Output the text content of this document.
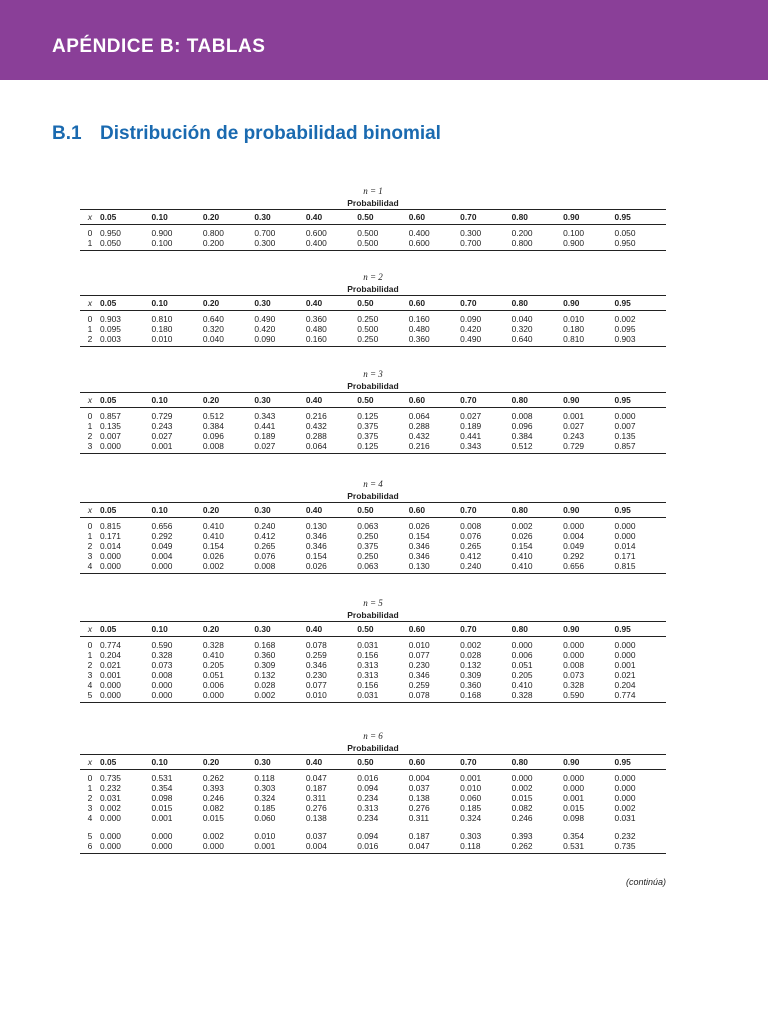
APÉNDICE B: TABLAS
B.1 Distribución de probabilidad binomial
n = 1
Probabilidad
x	0.05	0.10	0.20	0.30	0.40	0.50	0.60	0.70	0.80	0.90	0.95
0	0.950	0.900	0.800	0.700	0.600	0.500	0.400	0.300	0.200	0.100	0.050
1	0.050	0.100	0.200	0.300	0.400	0.500	0.600	0.700	0.800	0.900	0.950
n = 2
Probabilidad
x	0.05	0.10	0.20	0.30	0.40	0.50	0.60	0.70	0.80	0.90	0.95
0	0.903	0.810	0.640	0.490	0.360	0.250	0.160	0.090	0.040	0.010	0.002
1	0.095	0.180	0.320	0.420	0.480	0.500	0.480	0.420	0.320	0.180	0.095
2	0.003	0.010	0.040	0.090	0.160	0.250	0.360	0.490	0.640	0.810	0.903
n = 3
Probabilidad
x	0.05	0.10	0.20	0.30	0.40	0.50	0.60	0.70	0.80	0.90	0.95
0	0.857	0.729	0.512	0.343	0.216	0.125	0.064	0.027	0.008	0.001	0.000
1	0.135	0.243	0.384	0.441	0.432	0.375	0.288	0.189	0.096	0.027	0.007
2	0.007	0.027	0.096	0.189	0.288	0.375	0.432	0.441	0.384	0.243	0.135
3	0.000	0.001	0.008	0.027	0.064	0.125	0.216	0.343	0.512	0.729	0.857
n = 4
Probabilidad
x	0.05	0.10	0.20	0.30	0.40	0.50	0.60	0.70	0.80	0.90	0.95
0	0.815	0.656	0.410	0.240	0.130	0.063	0.026	0.008	0.002	0.000	0.000
1	0.171	0.292	0.410	0.412	0.346	0.250	0.154	0.076	0.026	0.004	0.000
2	0.014	0.049	0.154	0.265	0.346	0.375	0.346	0.265	0.154	0.049	0.014
3	0.000	0.004	0.026	0.076	0.154	0.250	0.346	0.412	0.410	0.292	0.171
4	0.000	0.000	0.002	0.008	0.026	0.063	0.130	0.240	0.410	0.656	0.815
n = 5
Probabilidad
x	0.05	0.10	0.20	0.30	0.40	0.50	0.60	0.70	0.80	0.90	0.95
0	0.774	0.590	0.328	0.168	0.078	0.031	0.010	0.002	0.000	0.000	0.000
1	0.204	0.328	0.410	0.360	0.259	0.156	0.077	0.028	0.006	0.000	0.000
2	0.021	0.073	0.205	0.309	0.346	0.313	0.230	0.132	0.051	0.008	0.001
3	0.001	0.008	0.051	0.132	0.230	0.313	0.346	0.309	0.205	0.073	0.021
4	0.000	0.000	0.006	0.028	0.077	0.156	0.259	0.360	0.410	0.328	0.204
5	0.000	0.000	0.000	0.002	0.010	0.031	0.078	0.168	0.328	0.590	0.774
n = 6
Probabilidad
x	0.05	0.10	0.20	0.30	0.40	0.50	0.60	0.70	0.80	0.90	0.95
0	0.735	0.531	0.262	0.118	0.047	0.016	0.004	0.001	0.000	0.000	0.000
1	0.232	0.354	0.393	0.303	0.187	0.094	0.037	0.010	0.002	0.000	0.000
2	0.031	0.098	0.246	0.324	0.311	0.234	0.138	0.060	0.015	0.001	0.000
3	0.002	0.015	0.082	0.185	0.276	0.313	0.276	0.185	0.082	0.015	0.002
4	0.000	0.001	0.015	0.060	0.138	0.234	0.311	0.324	0.246	0.098	0.031
5	0.000	0.000	0.002	0.010	0.037	0.094	0.187	0.303	0.393	0.354	0.232
6	0.000	0.000	0.000	0.001	0.004	0.016	0.047	0.118	0.262	0.531	0.735
(continúa)
